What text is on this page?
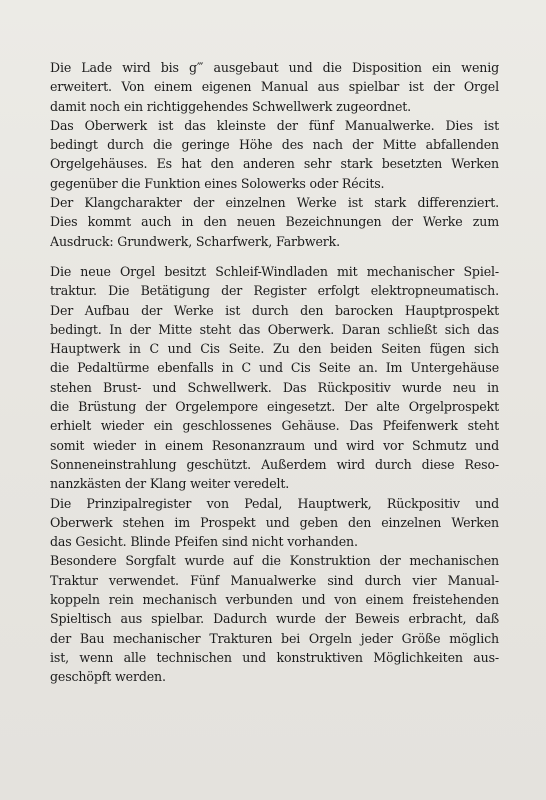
Die Lade wird bis g‴ ausgebaut und die Disposition ein wenig
erweitert. Von einem eigenen Manual aus spielbar ist der Orgel
damit noch ein richtiggehendes Schwellwerk zugeordnet.
Das Oberwerk ist das kleinste der fünf Manualwerke. Dies ist
bedingt durch die geringe Höhe des nach der Mitte abfallenden
Orgelgehäuses. Es hat den anderen sehr stark besetzten Werken
gegenüber die Funktion eines Solowerks oder Récits.
Der Klangcharakter der einzelnen Werke ist stark differenziert.
Dies kommt auch in den neuen Bezeichnungen der Werke zum
Ausdruck: Grundwerk, Scharfwerk, Farbwerk.
Die neue Orgel besitzt Schleif-Windladen mit mechanischer Spiel-
traktur. Die Betätigung der Register erfolgt elektropneumatisch.
Der Aufbau der Werke ist durch den barocken Hauptprospekt
bedingt. In der Mitte steht das Oberwerk. Daran schließt sich das
Hauptwerk in C und Cis Seite. Zu den beiden Seiten fügen sich
die Pedaltürme ebenfalls in C und Cis Seite an. Im Untergehäuse
stehen Brust- und Schwellwerk. Das Rückpositiv wurde neu in
die Brüstung der Orgelempore eingesetzt. Der alte Orgelprospekt
erhielt wieder ein geschlossenes Gehäuse. Das Pfeifenwerk steht
somit wieder in einem Resonanzraum und wird vor Schmutz und
Sonneneinstrahlung geschützt. Außerdem wird durch diese Reso-
nanzkästen der Klang weiter veredelt.
Die Prinzipalregister von Pedal, Hauptwerk, Rückpositiv und
Oberwerk stehen im Prospekt und geben den einzelnen Werken
das Gesicht. Blinde Pfeifen sind nicht vorhanden.
Besondere Sorgfalt wurde auf die Konstruktion der mechanischen
Traktur verwendet. Fünf Manualwerke sind durch vier Manual-
koppeln rein mechanisch verbunden und von einem freistehenden
Spieltisch aus spielbar. Dadurch wurde der Beweis erbracht, daß
der Bau mechanischer Trakturen bei Orgeln jeder Größe möglich
ist, wenn alle technischen und konstruktiven Möglichkeiten aus-
geschöpft werden.
